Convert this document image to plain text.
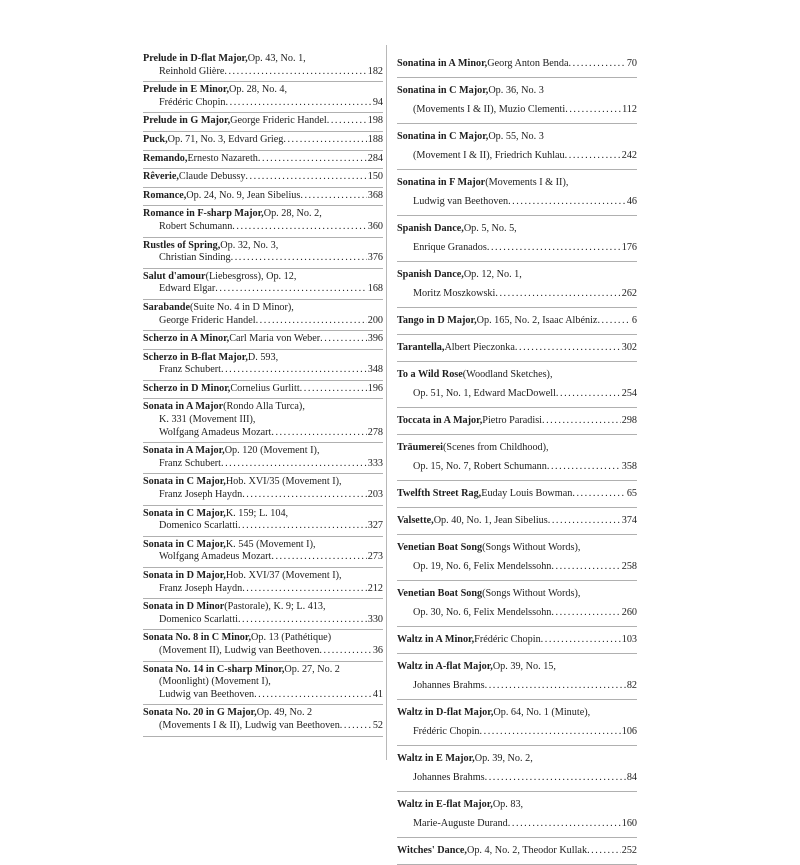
Prelude in D-flat Major, Op. 43, No. 1,
Reinhold Glière . . .	182
Prelude in E Minor, Op. 28, No. 4,
Frédéric Chopin . . .	94
Prelude in G Major, George Frideric Handel . . .	198
Puck, Op. 71, No. 3, Edvard Grieg . . .	188
Remando, Ernesto Nazareth . . .	284
Rêverie, Claude Debussy . . .	150
Romance, Op. 24, No. 9, Jean Sibelius . . .	368
Romance in F-sharp Major, Op. 28, No. 2,
Robert Schumann . . .	360
Rustles of Spring, Op. 32, No. 3,
Christian Sinding . . .	376
Salut d'amour (Liebesgross), Op. 12,
Edward Elgar . . .	168
Sarabande (Suite No. 4 in D Minor),
George Frideric Handel . . .	200
Scherzo in A Minor, Carl Maria von Weber . . .	396
Scherzo in B-flat Major, D. 593,
Franz Schubert . . .	348
Scherzo in D Minor, Cornelius Gurlitt . . .	196
Sonata in A Major (Rondo Alla Turca),
K. 331 (Movement III),
Wolfgang Amadeus Mozart . . .	278
Sonata in A Major, Op. 120 (Movement I),
Franz Schubert . . .	333
Sonata in C Major, Hob. XVI/35 (Movement I),
Franz Joseph Haydn . . .	203
Sonata in C Major, K. 159; L. 104,
Domenico Scarlatti . . .	327
Sonata in C Major, K. 545 (Movement I),
Wolfgang Amadeus Mozart . . .	273
Sonata in D Major, Hob. XVI/37 (Movement I),
Franz Joseph Haydn . . .	212
Sonata in D Minor (Pastorale), K. 9; L. 413,
Domenico Scarlatti . . .	330
Sonata No. 8 in C Minor, Op. 13 (Pathétique)
(Movement II), Ludwig van Beethoven . . .	36
Sonata No. 14 in C-sharp Minor, Op. 27, No. 2
(Moonlight) (Movement I),
Ludwig van Beethoven . . .	41
Sonata No. 20 in G Major, Op. 49, No. 2
(Movements I & II), Ludwig van Beethoven . . .	52
Sonatina in A Minor, Georg Anton Benda . . .	70
Sonatina in C Major, Op. 36, No. 3
(Movements I & II), Muzio Clementi . . .	112
Sonatina in C Major, Op. 55, No. 3
(Movement I & II), Friedrich Kuhlau . . .	242
Sonatina in F Major (Movements I & II),
Ludwig van Beethoven . . .	46
Spanish Dance, Op. 5, No. 5,
Enrique Granados . . .	176
Spanish Dance, Op. 12, No. 1,
Moritz Moszkowski . . .	262
Tango in D Major, Op. 165, No. 2, Isaac Albéniz . . .	6
Tarantella, Albert Pieczonka . . .	302
To a Wild Rose (Woodland Sketches),
Op. 51, No. 1, Edward MacDowell . . .	254
Toccata in A Major, Pietro Paradisi . . .	298
Träumerei (Scenes from Childhood),
Op. 15, No. 7, Robert Schumann . . .	358
Twelfth Street Rag, Euday Louis Bowman . . .	65
Valsette, Op. 40, No. 1, Jean Sibelius . . .	374
Venetian Boat Song (Songs Without Words),
Op. 19, No. 6, Felix Mendelssohn . . .	258
Venetian Boat Song (Songs Without Words),
Op. 30, No. 6, Felix Mendelssohn . . .	260
Waltz in A Minor, Frédéric Chopin . . .	103
Waltz in A-flat Major, Op. 39, No. 15,
Johannes Brahms . . .	82
Waltz in D-flat Major, Op. 64, No. 1 (Minute),
Frédéric Chopin . . .	106
Waltz in E Major, Op. 39, No. 2,
Johannes Brahms . . .	84
Waltz in E-flat Major, Op. 83,
Marie-Auguste Durand . . .	160
Witches' Dance, Op. 4, No. 2, Theodor Kullak . . .	252
